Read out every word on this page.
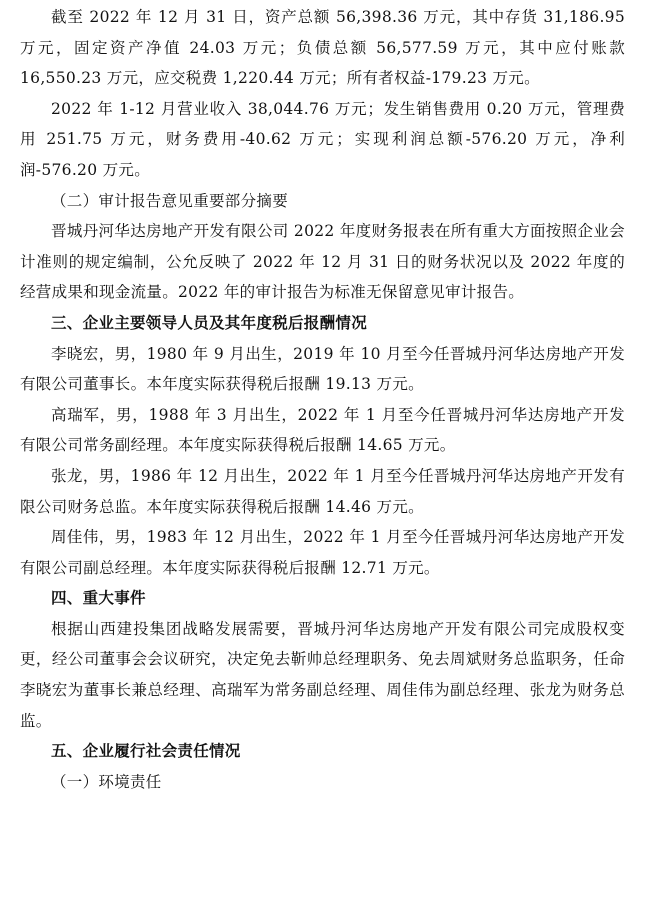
截至 2022 年 12 月 31 日，资产总额 56,398.36 万元，其中存货 31,186.95 万元，固定资产净值 24.03 万元；负债总额 56,577.59 万元，其中应付账款 16,550.23 万元，应交税费 1,220.44 万元；所有者权益-179.23 万元。

2022 年 1-12 月营业收入 38,044.76 万元；发生销售费用 0.20 万元，管理费用 251.75 万元，财务费用-40.62 万元；实现利润总额-576.20 万元，净利润-576.20 万元。

（二）审计报告意见重要部分摘要

晋城丹河华达房地产开发有限公司 2022 年度财务报表在所有重大方面按照企业会计准则的规定编制，公允反映了 2022 年 12 月 31 日的财务状况以及 2022 年度的经营成果和现金流量。2022 年的审计报告为标准无保留意见审计报告。

三、企业主要领导人员及其年度税后报酬情况

李晓宏，男，1980 年 9 月出生，2019 年 10 月至今任晋城丹河华达房地产开发有限公司董事长。本年度实际获得税后报酬 19.13 万元。

高瑞军，男，1988 年 3 月出生，2022 年 1 月至今任晋城丹河华达房地产开发有限公司常务副经理。本年度实际获得税后报酬 14.65 万元。

张龙，男，1986 年 12 月出生，2022 年 1 月至今任晋城丹河华达房地产开发有限公司财务总监。本年度实际获得税后报酬 14.46 万元。

周佳伟，男，1983 年 12 月出生，2022 年 1 月至今任晋城丹河华达房地产开发有限公司副总经理。本年度实际获得税后报酬 12.71 万元。

四、重大事件

根据山西建投集团战略发展需要，晋城丹河华达房地产开发有限公司完成股权变更，经公司董事会会议研究，决定免去靳帅总经理职务、免去周斌财务总监职务，任命李晓宏为董事长兼总经理、高瑞军为常务副总经理、周佳伟为副总经理、张龙为财务总监。

五、企业履行社会责任情况

（一）环境责任
